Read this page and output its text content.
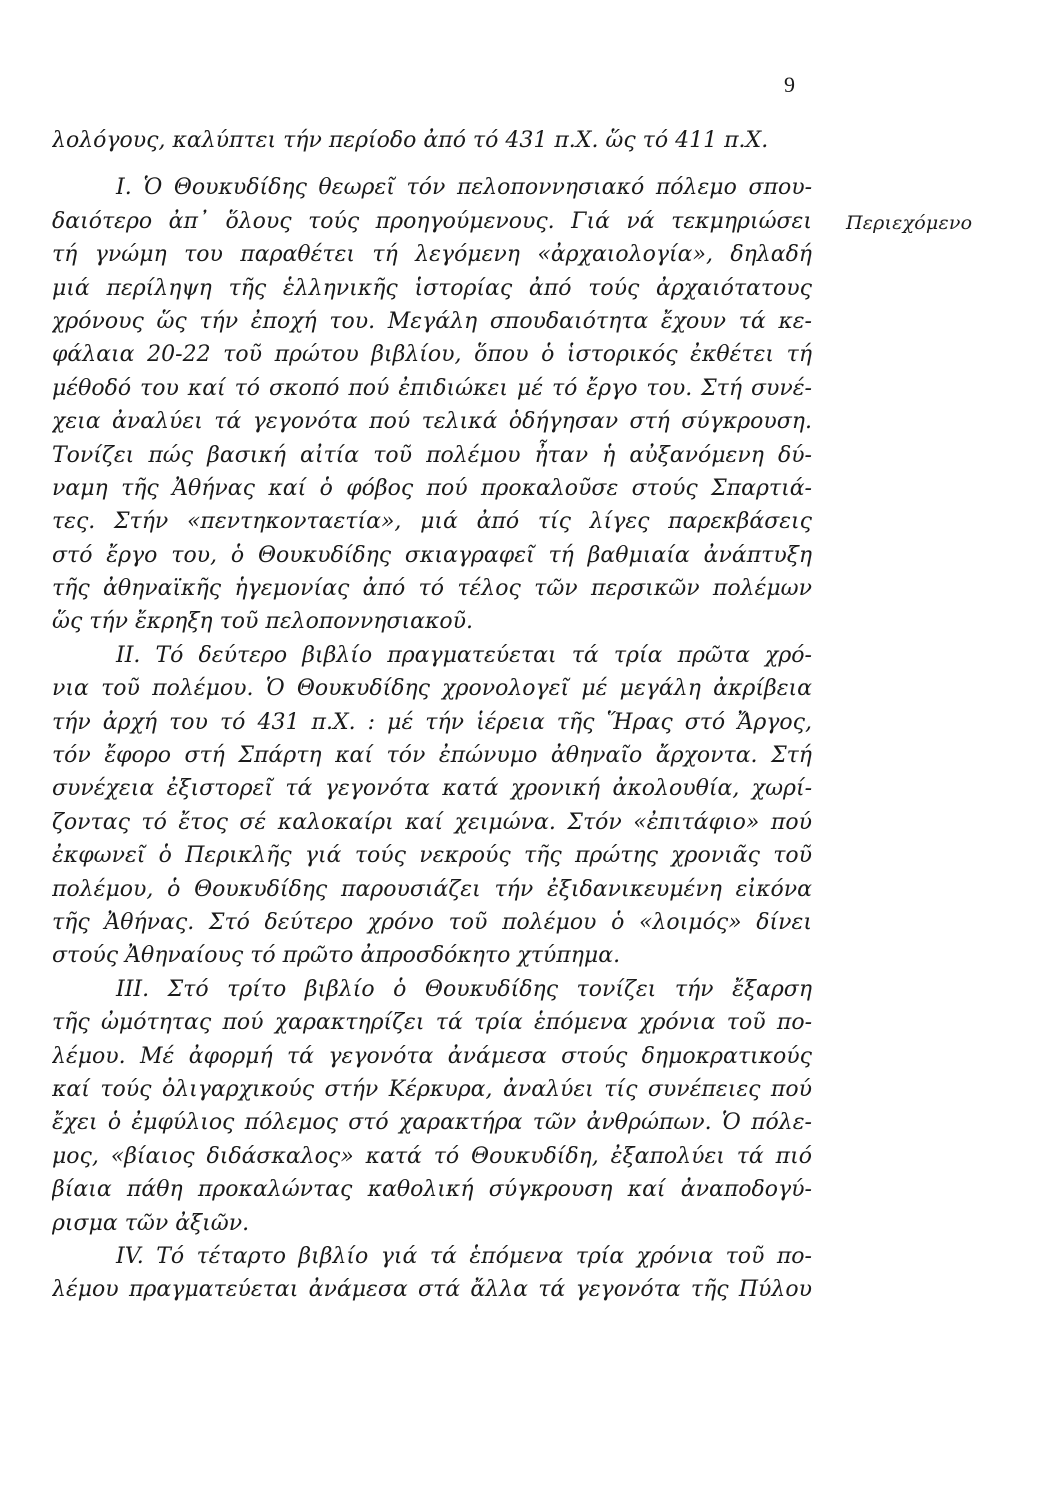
9
Περιεχόμενο
λολόγους, καλύπτει τήν περίοδο ἀπό τό 431 π.Χ. ὥς τό 411 π.Χ.
I. Ὁ Θουκυδίδης θεωρεῖ τόν πελοποννησιακό πόλεμο σπου-
δαιότερο ἀπ᾽ ὅλους τούς προηγούμενους. Γιά νά τεκμηριώσει
τή γνώμη του παραθέτει τή λεγόμενη «ἀρχαιολογία», δηλαδή
μιά περίληψη τῆς ἑλληνικῆς ἱστορίας ἀπό τούς ἀρχαιότατους
χρόνους ὥς τήν ἐποχή του. Μεγάλη σπουδαιότητα ἔχουν τά κε-
φάλαια 20-22 τοῦ πρώτου βιβλίου, ὅπου ὁ ἱστορικός ἐκθέτει τή
μέθοδό του καί τό σκοπό πού ἐπιδιώκει μέ τό ἔργο του. Στή συνέ-
χεια ἀναλύει τά γεγονότα πού τελικά ὁδήγησαν στή σύγκρουση.
Τονίζει πώς βασική αἰτία τοῦ πολέμου ἦταν ἡ αὐξανόμενη δύ-
ναμη τῆς Ἀθήνας καί ὁ φόβος πού προκαλοῦσε στούς Σπαρτιά-
τες. Στήν «πεντηκονταετία», μιά ἀπό τίς λίγες παρεκβάσεις
στό ἔργο του, ὁ Θουκυδίδης σκιαγραφεῖ τή βαθμιαία ἀνάπτυξη
τῆς ἀθηναϊκῆς ἡγεμονίας ἀπό τό τέλος τῶν περσικῶν πολέμων
ὥς τήν ἔκρηξη τοῦ πελοποννησιακοῦ.
II. Τό δεύτερο βιβλίο πραγματεύεται τά τρία πρῶτα χρό-
νια τοῦ πολέμου. Ὁ Θουκυδίδης χρονολογεῖ μέ μεγάλη ἀκρίβεια
τήν ἀρχή του τό 431 π.Χ. : μέ τήν ἱέρεια τῆς Ἥρας στό Ἄργος,
τόν ἔφορο στή Σπάρτη καί τόν ἐπώνυμο ἀθηναῖο ἄρχοντα. Στή
συνέχεια ἐξιστορεῖ τά γεγονότα κατά χρονική ἀκολουθία, χωρί-
ζοντας τό ἔτος σέ καλοκαίρι καί χειμώνα. Στόν «ἐπιτάφιο» πού
ἐκφωνεῖ ὁ Περικλῆς γιά τούς νεκρούς τῆς πρώτης χρονιᾶς τοῦ
πολέμου, ὁ Θουκυδίδης παρουσιάζει τήν ἐξιδανικευμένη εἰκόνα
τῆς Ἀθήνας. Στό δεύτερο χρόνο τοῦ πολέμου ὁ «λοιμός» δίνει
στούς Ἀθηναίους τό πρῶτο ἀπροσδόκητο χτύπημα.
III. Στό τρίτο βιβλίο ὁ Θουκυδίδης τονίζει τήν ἔξαρση
τῆς ὠμότητας πού χαρακτηρίζει τά τρία ἑπόμενα χρόνια τοῦ πο-
λέμου. Μέ ἀφορμή τά γεγονότα ἀνάμεσα στούς δημοκρατικούς
καί τούς ὀλιγαρχικούς στήν Κέρκυρα, ἀναλύει τίς συνέπειες πού
ἔχει ὁ ἐμφύλιος πόλεμος στό χαρακτήρα τῶν ἀνθρώπων. Ὁ πόλε-
μος, «βίαιος διδάσκαλος» κατά τό Θουκυδίδη, ἐξαπολύει τά πιό
βίαια πάθη προκαλώντας καθολική σύγκρουση καί ἀναποδογύ-
ρισμα τῶν ἀξιῶν.
IV. Τό τέταρτο βιβλίο γιά τά ἑπόμενα τρία χρόνια τοῦ πο-
λέμου πραγματεύεται ἀνάμεσα στά ἄλλα τά γεγονότα τῆς Πύλου
